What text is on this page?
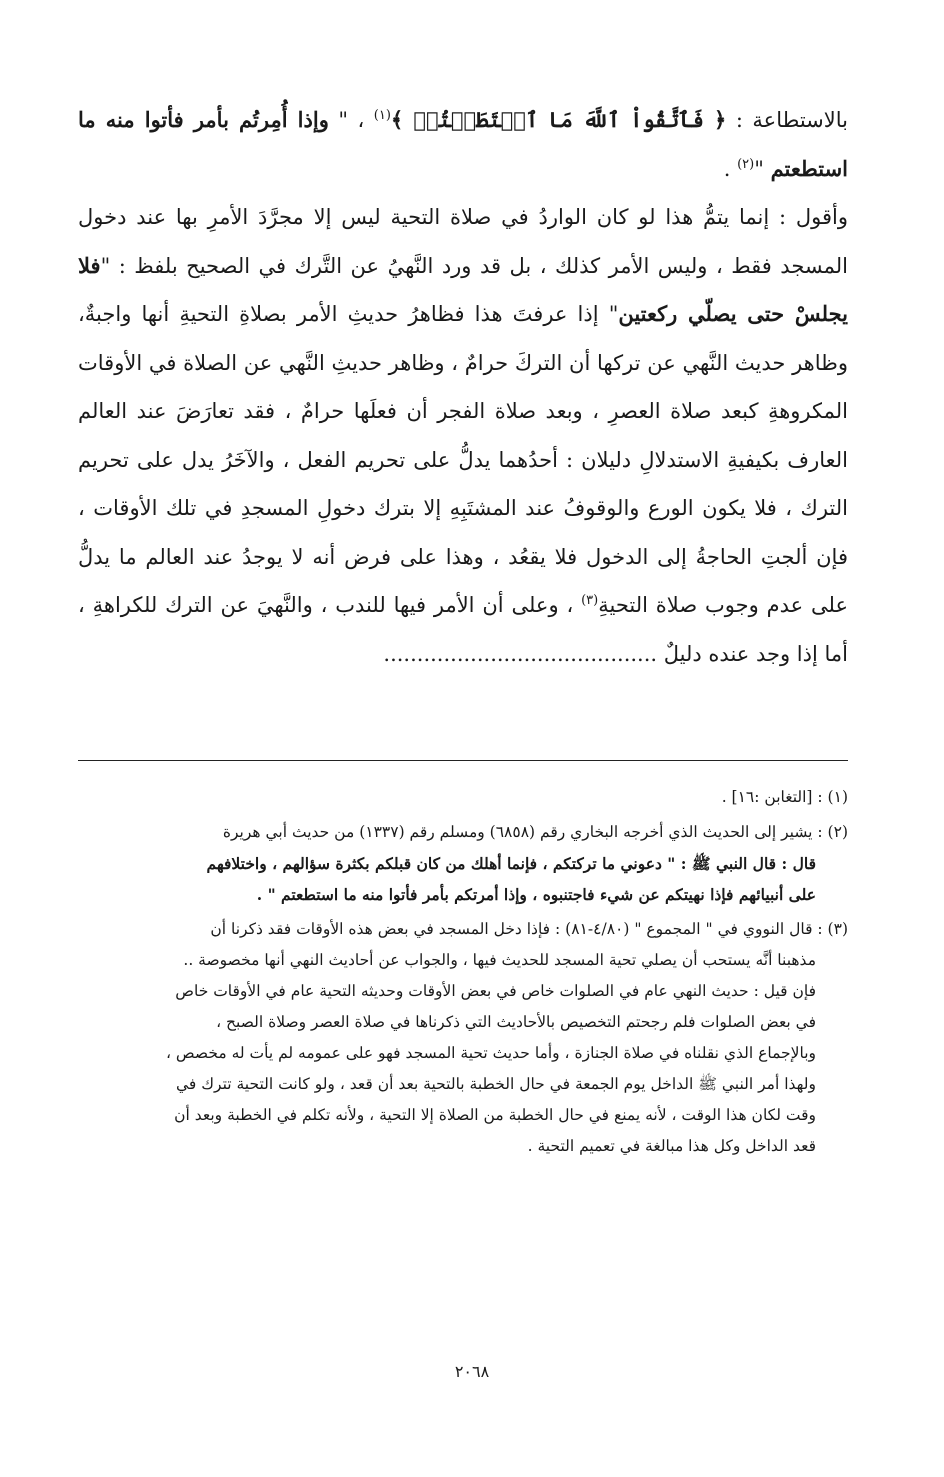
بالاستطاعة : ﴿ فَٱتَّقُواْ ٱللَّهَ مَا ٱسۡتَطَعۡتُمۡ ﴾$^{(١)}$ ، " وإذا أُمِرتُم بأمر فأتوا منه ما استطعتم "$^{(٢)}$ .

وأقول : إنما يتمُّ هذا لو كان الواردُ في صلاة التحية ليس إلا مجرَّدَ الأمرِ بها عند دخول المسجد فقط ، وليس الأمر كذلك ، بل قد ورد النَّهيُ عن التَّرك في الصحيح بلفظ : "فلا يجلسْ حتى يصلّي ركعتين" إذا عرفتَ هذا فظاهرُ حديثِ الأمر بصلاةِ التحيةِ أنها واجبةٌ، وظاهر حديث النَّهي عن تركها أن التركَ حرامٌ ، وظاهر حديثِ النَّهي عن الصلاة في الأوقات المكروهةِ كبعد صلاة العصرِ ، وبعد صلاة الفجر أن فعلَها حرامٌ ، فقد تعارَضَ عند العالم العارف بكيفيةِ الاستدلالِ دليلان : أحدُهما يدلُّ على تحريم الفعل ، والآخَرُ يدل على تحريم الترك ، فلا يكون الورع والوقوفُ عند المشتَبِهِ إلا بترك دخولِ المسجدِ في تلك الأوقات ، فإن ألجتِ الحاجةُ إلى الدخول فلا يقعُد ، وهذا على فرض أنه لا يوجدُ عند العالم ما يدلُّ على عدم وجوب صلاة التحيةِ$^{(٣)}$ ، وعلى أن الأمر فيها للندب ، والنَّهيَ عن الترك للكراهةِ ، أما إذا وجد عنده دليلٌ .........................................

(١) : [التغابن :١٦] .
(٢) : يشير إلى الحديث الذي أخرجه البخاري رقم (٦٨٥٨) ومسلم رقم (١٣٣٧) من حديث أبي هريرة
قال : قال النبي ﷺ : " دعوني ما تركتكم ، فإنما أهلك من كان قبلكم بكثرة سؤالهم ، واختلافهم
على أنبيائهم فإذا نهيتكم عن شيء فاجتنبوه ، وإذا أمرتكم بأمر فأتوا منه ما استطعتم " .
(٣) : قال النووي في " المجموع " (٤/٨٠-٨١) : فإذا دخل المسجد في بعض هذه الأوقات فقد ذكرنا أن
مذهبنا أنَّه يستحب أن يصلي تحية المسجد للحديث فيها ، والجواب عن أحاديث النهي أنها مخصوصة ..
فإن قيل : حديث النهي عام في الصلوات خاص في بعض الأوقات وحديثه التحية عام في الأوقات خاص
في بعض الصلوات فلم رجحتم التخصيص بالأحاديث التي ذكرناها في صلاة العصر وصلاة الصبح ،
وبالإجماع الذي نقلناه في صلاة الجنازة ، وأما حديث تحية المسجد فهو على عمومه لم يأت له مخصص ،
ولهذا أمر النبي ﷺ الداخل يوم الجمعة في حال الخطبة بالتحية بعد أن قعد ، ولو كانت التحية تترك في
وقت لكان هذا الوقت ، لأنه يمنع في حال الخطبة من الصلاة إلا التحية ، ولأنه تكلم في الخطبة وبعد أن
قعد الداخل وكل هذا مبالغة في تعميم التحية .
٢٠٦٨
